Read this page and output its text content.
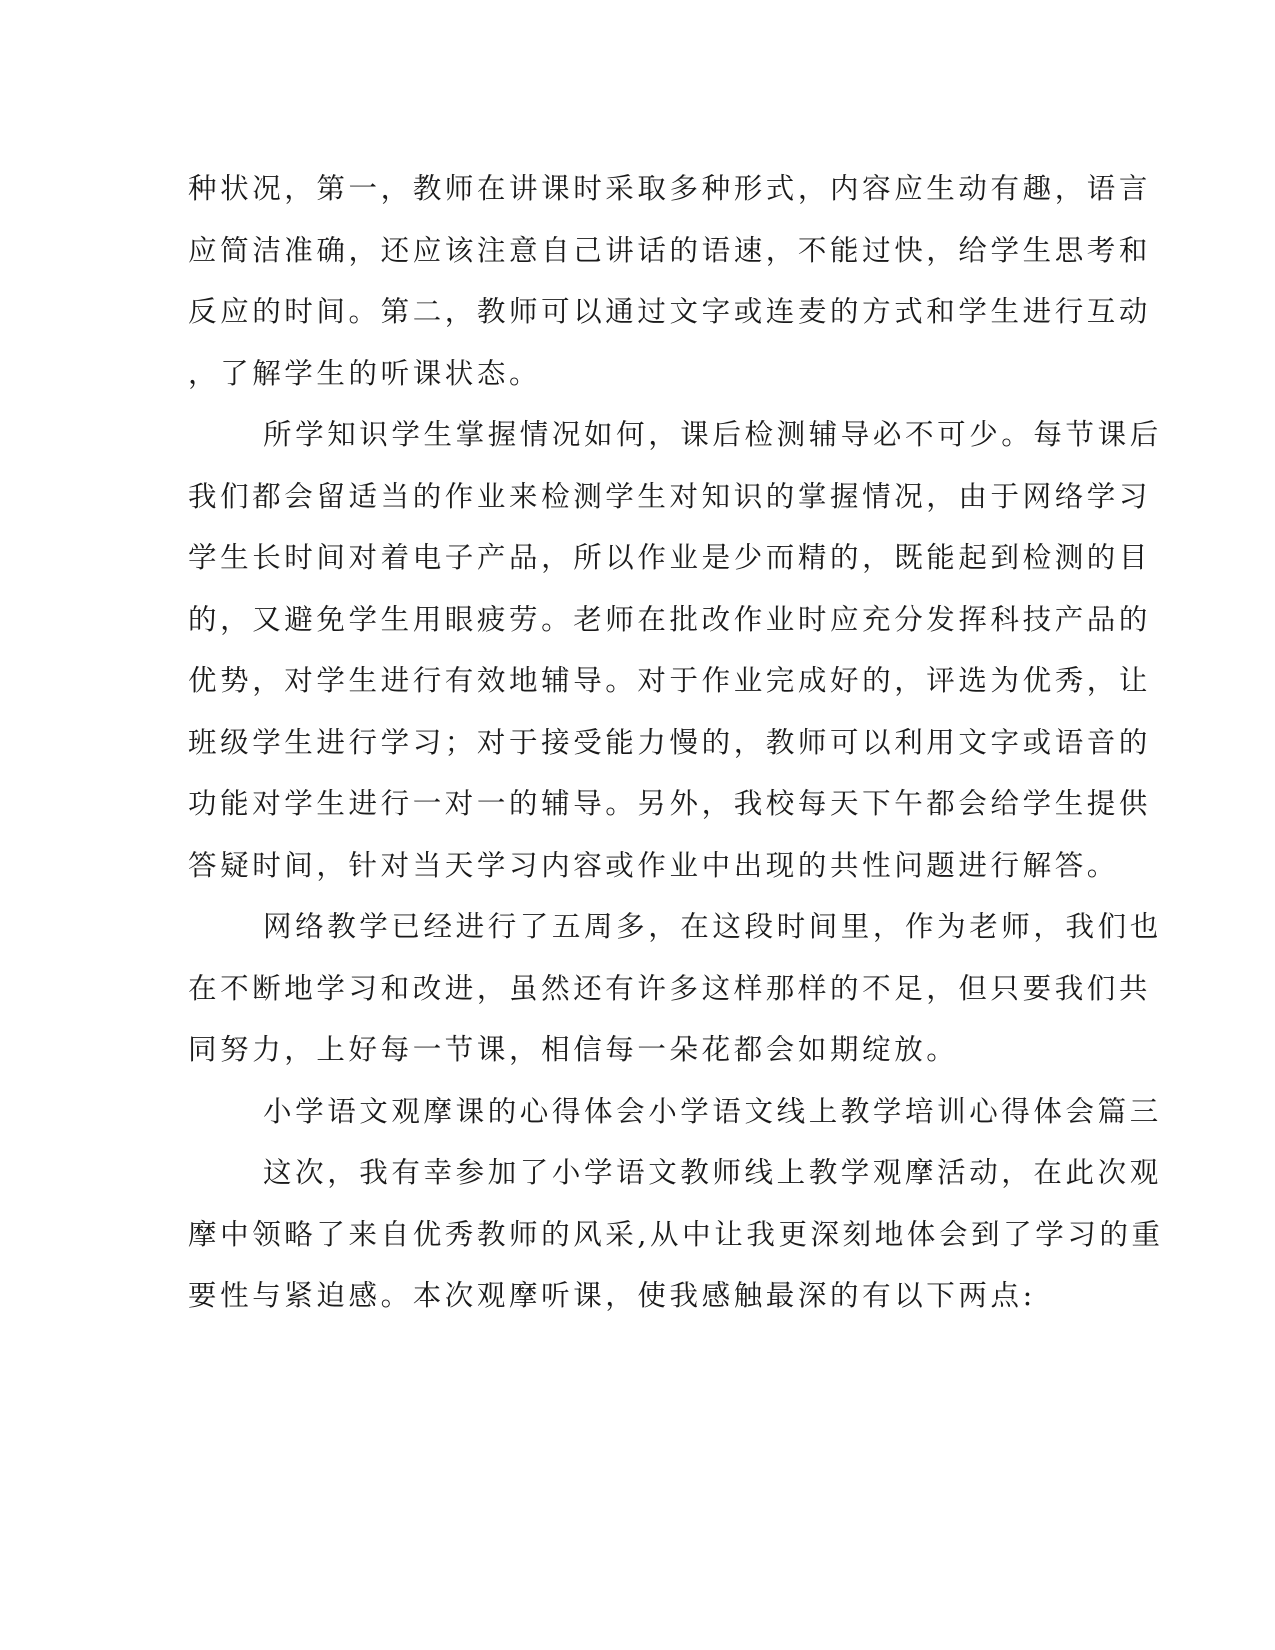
种状况，第一，教师在讲课时采取多种形式，内容应生动有趣，语言
应简洁准确，还应该注意自己讲话的语速，不能过快，给学生思考和
反应的时间。第二，教师可以通过文字或连麦的方式和学生进行互动
，了解学生的听课状态。
所学知识学生掌握情况如何，课后检测辅导必不可少。每节课后
我们都会留适当的作业来检测学生对知识的掌握情况，由于网络学习
学生长时间对着电子产品，所以作业是少而精的，既能起到检测的目
的，又避免学生用眼疲劳。老师在批改作业时应充分发挥科技产品的
优势，对学生进行有效地辅导。对于作业完成好的，评选为优秀，让
班级学生进行学习；对于接受能力慢的，教师可以利用文字或语音的
功能对学生进行一对一的辅导。另外，我校每天下午都会给学生提供
答疑时间，针对当天学习内容或作业中出现的共性问题进行解答。
网络教学已经进行了五周多，在这段时间里，作为老师，我们也
在不断地学习和改进，虽然还有许多这样那样的不足，但只要我们共
同努力，上好每一节课，相信每一朵花都会如期绽放。
小学语文观摩课的心得体会小学语文线上教学培训心得体会篇三
这次，我有幸参加了小学语文教师线上教学观摩活动，在此次观
摩中领略了来自优秀教师的风采,从中让我更深刻地体会到了学习的重
要性与紧迫感。本次观摩听课，使我感触最深的有以下两点:
